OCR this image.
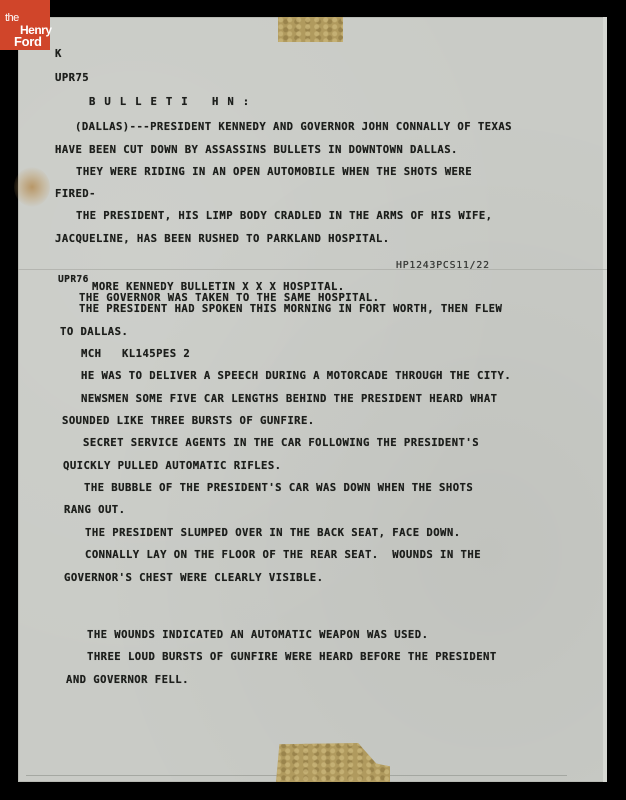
the
Henry
Ford
K
UPR75
BULLETI HN:
(DALLAS)---PRESIDENT KENNEDY AND GOVERNOR JOHN CONNALLY OF TEXAS
HAVE BEEN CUT DOWN BY ASSASSINS BULLETS IN DOWNTOWN DALLAS.
THEY WERE RIDING IN AN OPEN AUTOMOBILE WHEN THE SHOTS WERE
FIRED-
THE PRESIDENT, HIS LIMP BODY CRADLED IN THE ARMS OF HIS WIFE,
JACQUELINE, HAS BEEN RUSHED TO PARKLAND HOSPITAL.
HP1243PCS11/22
UPR76
MORE KENNEDY BULLETIN X X X HOSPITAL.
THE GOVERNOR WAS TAKEN TO THE SAME HOSPITAL.
THE PRESIDENT HAD SPOKEN THIS MORNING IN FORT WORTH, THEN FLEW
TO DALLAS.
MCH   KL145PES 2
HE WAS TO DELIVER A SPEECH DURING A MOTORCADE THROUGH THE CITY.
NEWSMEN SOME FIVE CAR LENGTHS BEHIND THE PRESIDENT HEARD WHAT
SOUNDED LIKE THREE BURSTS OF GUNFIRE.
SECRET SERVICE AGENTS IN THE CAR FOLLOWING THE PRESIDENT'S
QUICKLY PULLED AUTOMATIC RIFLES.
THE BUBBLE OF THE PRESIDENT'S CAR WAS DOWN WHEN THE SHOTS
RANG OUT.
THE PRESIDENT SLUMPED OVER IN THE BACK SEAT, FACE DOWN.
CONNALLY LAY ON THE FLOOR OF THE REAR SEAT.  WOUNDS IN THE
GOVERNOR'S CHEST WERE CLEARLY VISIBLE.
THE WOUNDS INDICATED AN AUTOMATIC WEAPON WAS USED.
THREE LOUD BURSTS OF GUNFIRE WERE HEARD BEFORE THE PRESIDENT
AND GOVERNOR FELL.
